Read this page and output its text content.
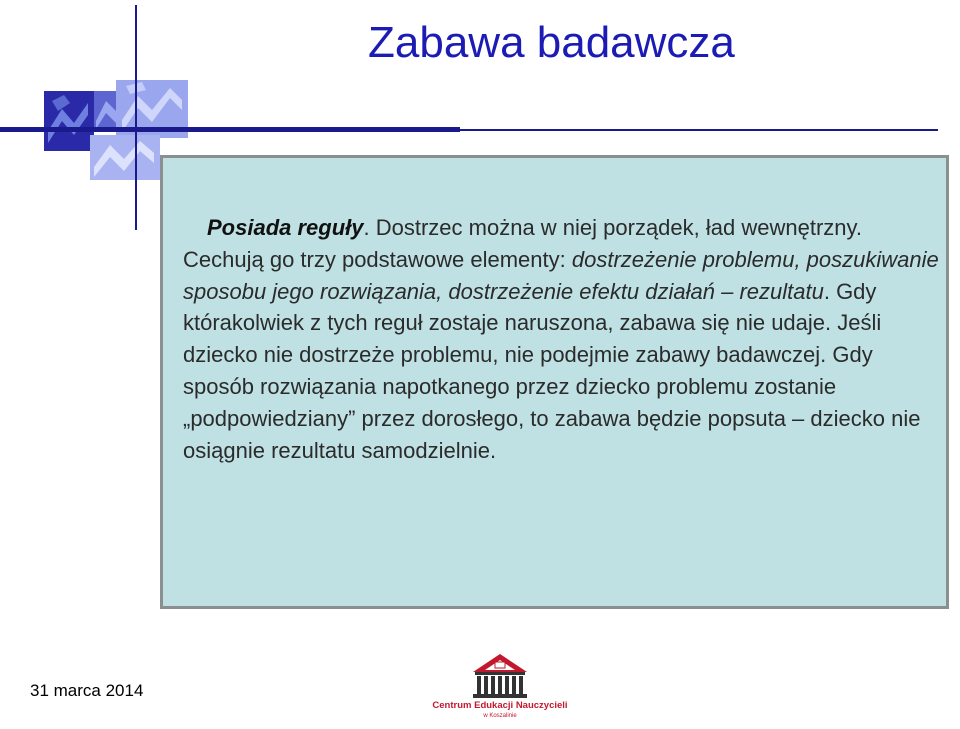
Zabawa badawcza

Posiada reguły. Dostrzec można w niej porządek, ład wewnętrzny. Cechują go trzy podstawowe elementy: dostrzeżenie problemu, poszukiwanie sposobu jego rozwiązania, dostrzeżenie efektu działań – rezultatu. Gdy którakolwiek z tych reguł zostaje naruszona, zabawa się nie udaje. Jeśli dziecko nie dostrzeże problemu, nie podejmie zabawy badawczej. Gdy sposób rozwiązania napotkanego przez dziecko problemu zostanie „podpowiedziany” przez dorosłego, to zabawa będzie popsuta – dziecko nie osiągnie rezultatu samodzielnie.

31 marca 2014
Centrum Edukacji Nauczycieli
w Koszalinie
